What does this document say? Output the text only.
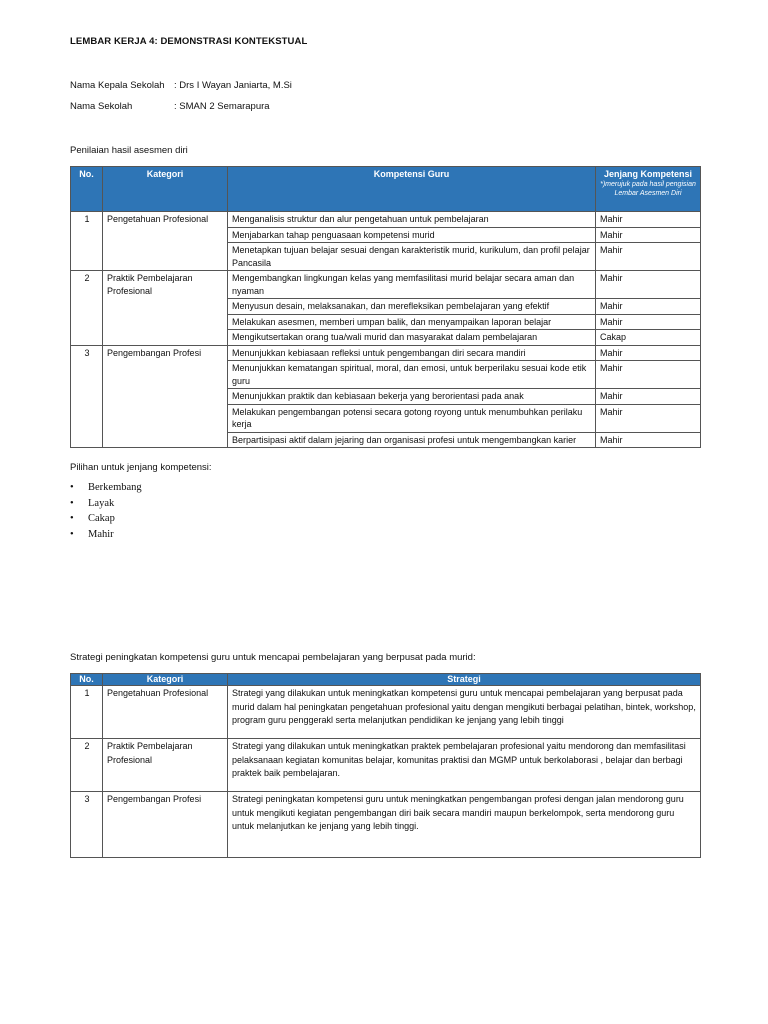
LEMBAR KERJA 4: DEMONSTRASI KONTEKSTUAL
Nama Kepala Sekolah : Drs I Wayan Janiarta, M.Si
Nama Sekolah	: SMAN 2 Semarapura
Penilaian hasil asesmen diri
No.	Kategori	Kompetensi Guru	Jenjang Kompetensi
*)merujuk pada hasil pengisian Lembar Asesmen Diri

1	Pengetahuan Profesional	Menganalisis struktur dan alur pengetahuan untuk pembelajaran	Mahir
		Menjabarkan tahap penguasaan kompetensi murid	Mahir
		Menetapkan tujuan belajar sesuai dengan karakteristik murid, kurikulum, dan profil pelajar Pancasila	Mahir
2	Praktik Pembelajaran Profesional	Mengembangkan lingkungan kelas yang memfasilitasi murid belajar secara aman dan nyaman	Mahir
		Menyusun desain, melaksanakan, dan merefleksikan pembelajaran yang efektif	Mahir
		Melakukan asesmen, memberi umpan balik, dan menyampaikan laporan belajar	Mahir
		Mengikutsertakan orang tua/wali murid dan masyarakat dalam pembelajaran	Cakap
3	Pengembangan Profesi	Menunjukkan kebiasaan refleksi untuk pengembangan diri secara mandiri	Mahir
		Menunjukkan kematangan spiritual, moral, dan emosi, untuk berperilaku sesuai kode etik guru	Mahir
		Menunjukkan praktik dan kebiasaan bekerja yang berorientasi pada anak	Mahir
		Melakukan pengembangan potensi secara gotong royong untuk menumbuhkan perilaku kerja	Mahir
		Berpartisipasi aktif dalam jejaring dan organisasi profesi untuk mengembangkan karier	Mahir
Pilihan untuk jenjang kompetensi:
• Berkembang
• Layak
• Cakap
• Mahir
Strategi peningkatan kompetensi guru untuk mencapai pembelajaran yang berpusat pada murid:
No.	Kategori	Strategi
1	Pengetahuan Profesional	Strategi yang dilakukan untuk meningkatkan kompetensi guru untuk mencapai pembelajaran yang berpusat pada murid dalam hal peningkatan pengetahuan profesional yaitu dengan mengikuti berbagai pelatihan, bintek, workshop, program guru penggerakl serta melanjutkan pendidikan ke jenjang yang lebih tinggi
2	Praktik Pembelajaran Profesional	Strategi yang dilakukan untuk meningkatkan praktek pembelajaran profesional yaitu mendorong dan memfasilitasi pelaksanaan kegiatan komunitas belajar, komunitas praktisi dan MGMP untuk berkolaborasi , belajar dan berbagi praktek baik pembelajaran.
3	Pengembangan Profesi	Strategi peningkatan kompetensi guru untuk meningkatkan pengembangan profesi dengan jalan mendorong guru untuk mengikuti kegiatan pengembangan diri baik secara mandiri maupun berkelompok, serta mendorong guru untuk melanjutkan ke jenjang yang lebih tinggi.
